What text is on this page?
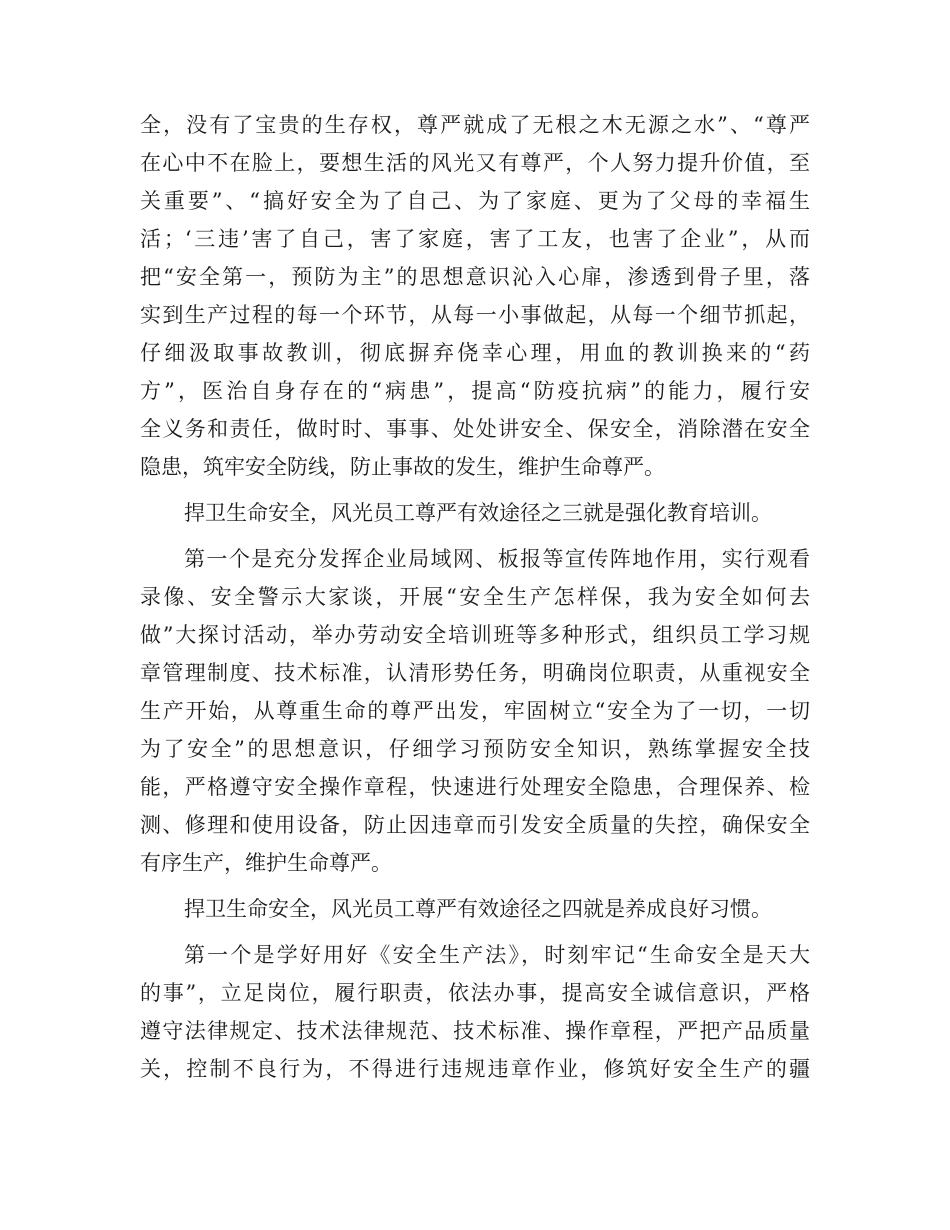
全，没有了宝贵的生存权，尊严就成了无根之木无源之水”、“尊严
在心中不在脸上，要想生活的风光又有尊严，个人努力提升价值，至
关重要”、“搞好安全为了自己、为了家庭、更为了父母的幸福生
活；‘三违’害了自己，害了家庭，害了工友，也害了企业”，从而
把“安全第一，预防为主”的思想意识沁入心扉，渗透到骨子里，落
实到生产过程的每一个环节，从每一小事做起，从每一个细节抓起，
仔细汲取事故教训，彻底摒弃侥幸心理，用血的教训换来的“药
方”，医治自身存在的“病患”，提高“防疫抗病”的能力，履行安
全义务和责任，做时时、事事、处处讲安全、保安全，消除潜在安全
隐患，筑牢安全防线，防止事故的发生，维护生命尊严。
捍卫生命安全，风光员工尊严有效途径之三就是强化教育培训。
第一个是充分发挥企业局域网、板报等宣传阵地作用，实行观看
录像、安全警示大家谈，开展“安全生产怎样保，我为安全如何去
做”大探讨活动，举办劳动安全培训班等多种形式，组织员工学习规
章管理制度、技术标准，认清形势任务，明确岗位职责，从重视安全
生产开始，从尊重生命的尊严出发，牢固树立“安全为了一切，一切
为了安全”的思想意识，仔细学习预防安全知识，熟练掌握安全技
能，严格遵守安全操作章程，快速进行处理安全隐患，合理保养、检
测、修理和使用设备，防止因违章而引发安全质量的失控，确保安全
有序生产，维护生命尊严。
捍卫生命安全，风光员工尊严有效途径之四就是养成良好习惯。
第一个是学好用好《安全生产法》，时刻牢记“生命安全是天大
的事”，立足岗位，履行职责，依法办事，提高安全诚信意识，严格
遵守法律规定、技术法律规范、技术标准、操作章程，严把产品质量
关，控制不良行为，不得进行违规违章作业，修筑好安全生产的疆
